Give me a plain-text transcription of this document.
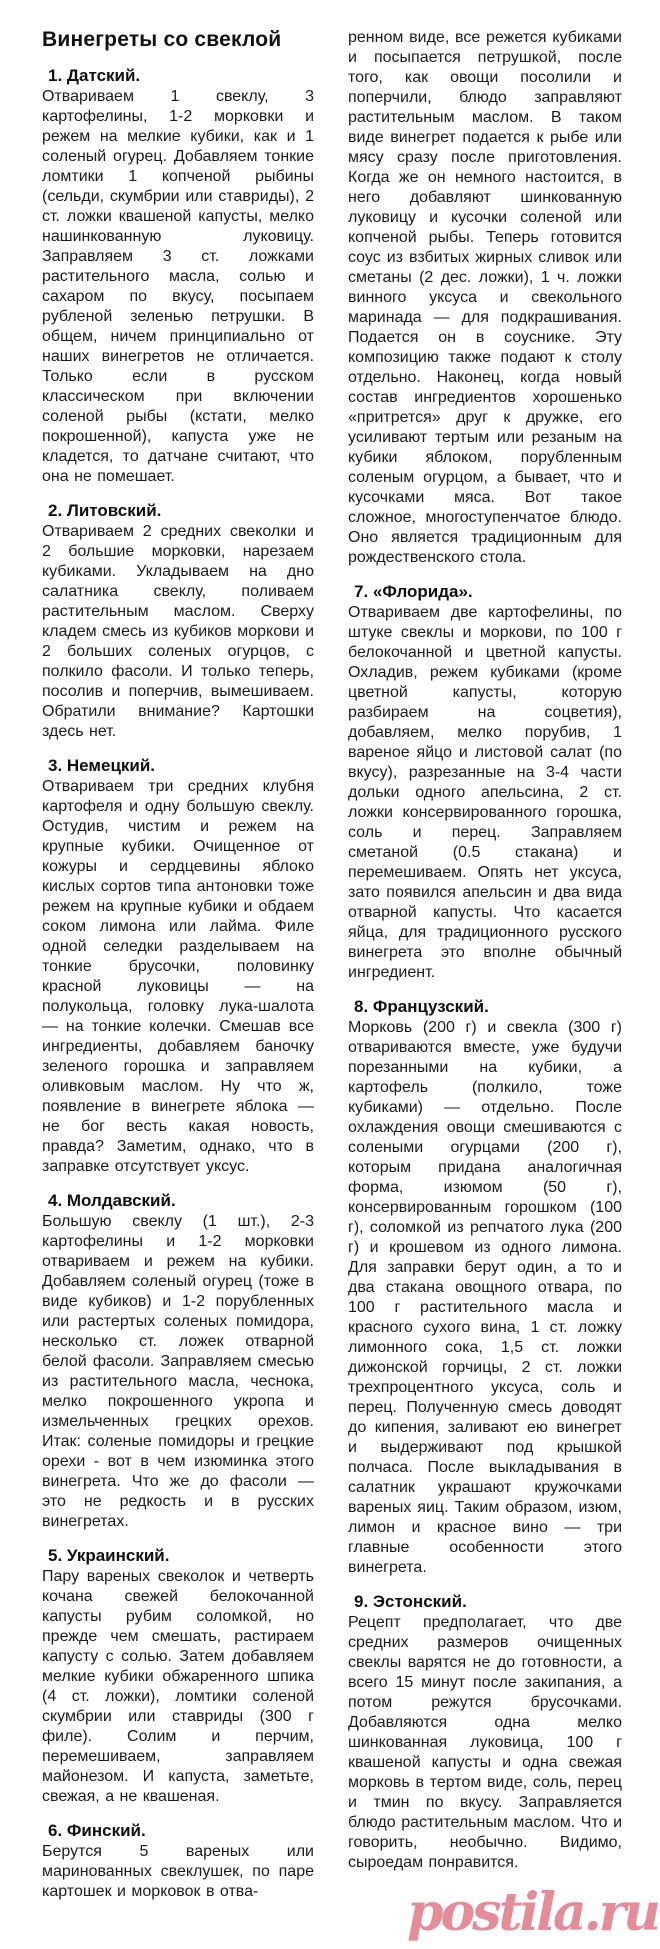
Винегреты со свеклой
1. Датский.

Отвариваем 1 свеклу, 3 картофелины, 1-2 морковки и режем на мелкие кубики, как и 1 соленый огурец. Добавляем тонкие ломтики 1 копченой рыбины (сельди, скумбрии или ставриды), 2 ст. ложки квашеной капусты, мелко нашинкованную луковицу. Заправляем 3 ст. ложками растительного масла, солью и сахаром по вкусу, посыпаем рубленой зеленью петрушки. В общем, ничем принципиально от наших винегретов не отличается. Только если в русском классическом при включении соленой рыбы (кстати, мелко покрошенной), капуста уже не кладется, то датчане считают, что она не помешает.

2. Литовский.

Отвариваем 2 средних свеколки и 2 большие морковки, нарезаем кубиками. Укладываем на дно салатника свеклу, поливаем растительным маслом. Сверху кладем смесь из кубиков моркови и 2 больших соленых огурцов, с полкило фасоли. И только теперь, посолив и поперчив, вымешиваем. Обратили внимание? Картошки здесь нет.

3. Немецкий.

Отвариваем три средних клубня картофеля и одну большую свеклу. Остудив, чистим и режем на крупные кубики. Очищенное от кожуры и сердцевины яблоко кислых сортов типа антоновки тоже режем на крупные кубики и обдаем соком лимона или лайма. Филе одной селедки разделываем на тонкие брусочки, половинку красной луковицы — на полукольца, головку лука-шалота — на тонкие колечки. Смешав все ингредиенты, добавляем баночку зеленого горошка и заправляем оливковым маслом. Ну что ж, появление в винегрете яблока — не бог весть какая новость, правда? Заметим, однако, что в заправке отсутствует уксус.

4. Молдавский.

Большую свеклу (1 шт.), 2-3 картофелины и 1-2 морковки отвариваем и режем на кубики. Добавляем соленый огурец (тоже в виде кубиков) и 1-2 порубленных или растертых соленых помидора, несколько ст. ложек отварной белой фасоли. Заправляем смесью из растительного масла, чеснока, мелко покрошенного укропа и измельченных грецких орехов. Итак: соленые помидоры и грецкие орехи - вот в чем изюминка этого винегрета. Что же до фасоли — это не редкость и в русских винегретах.

5. Украинский.

Пару вареных свеколок и четверть кочана свежей белокочанной капусты рубим соломкой, но прежде чем смешать, растираем капусту с солью. Затем добавляем мелкие кубики обжаренного шпика (4 ст. ложки), ломтики соленой скумбрии или ставриды (300 г филе). Солим и перчим, перемешиваем, заправляем майонезом. И капуста, заметьте, свежая, а не квашеная.

6. Финский.

Берутся 5 вареных или маринованных свеклушек, по паре картошек и морковок в отва-

ренном виде, все режется кубиками и посыпается петрушкой, после того, как овощи посолили и поперчили, блюдо заправляют растительным маслом. В таком виде винегрет подается к рыбе или мясу сразу после приготовления. Когда же он немного настоится, в него добавляют шинкованную луковицу и кусочки соленой или копченой рыбы. Теперь готовится соус из взбитых жирных сливок или сметаны (2 дес. ложки), 1 ч. ложки винного уксуса и свекольного маринада — для подкрашивания. Подается он в соуснике. Эту композицию также подают к столу отдельно. Наконец, когда новый состав ингредиентов хорошенько «притрется» друг к дружке, его усиливают тертым или резаным на кубики яблоком, порубленным соленым огурцом, а бывает, что и кусочками мяса. Вот такое сложное, многоступенчатое блюдо. Оно является традиционным для рождественского стола.

7. «Флорида».

Отвариваем две картофелины, по штуке свеклы и моркови, по 100 г белокочанной и цветной капусты. Охладив, режем кубиками (кроме цветной капусты, которую разбираем на соцветия), добавляем, мелко порубив, 1 вареное яйцо и листовой салат (по вкусу), разрезанные на 3-4 части дольки одного апельсина, 2 ст. ложки консервированного горошка, соль и перец. Заправляем сметаной (0.5 стакана) и перемешиваем. Опять нет уксуса, зато появился апельсин и два вида отварной капусты. Что касается яйца, для традиционного русского винегрета это вполне обычный ингредиент.

8. Французский.

Морковь (200 г) и свекла (300 г) отвариваются вместе, уже будучи порезанными на кубики, а картофель (полкило, тоже кубиками) — отдельно. После охлаждения овощи смешиваются с солеными огурцами (200 г), которым придана аналогичная форма, изюмом (50 г), консервированным горошком (100 г), соломкой из репчатого лука (200 г) и крошевом из одного лимона. Для заправки берут один, а то и два стакана овощного отвара, по 100 г растительного масла и красного сухого вина, 1 ст. ложку лимонного сока, 1,5 ст. ложки дижонской горчицы, 2 ст. ложки трехпроцентного уксуса, соль и перец. Полученную смесь доводят до кипения, заливают ею винегрет и выдерживают под крышкой полчаса. После выкладывания в салатник украшают кружочками вареных яиц. Таким образом, изюм, лимон и красное вино — три главные особенности этого винегрета.

9. Эстонский.

Рецепт предполагает, что две средних размеров очищенных свеклы варятся не до готовности, а всего 15 минут после закипания, а потом режутся брусочками. Добавляются одна мелко шинкованная луковица, 100 г квашеной капусты и одна свежая морковь в тертом виде, соль, перец и тмин по вкусу. Заправляется блюдо растительным маслом. Что и говорить, необычно. Видимо, сыроедам понравится.

postila.ru
